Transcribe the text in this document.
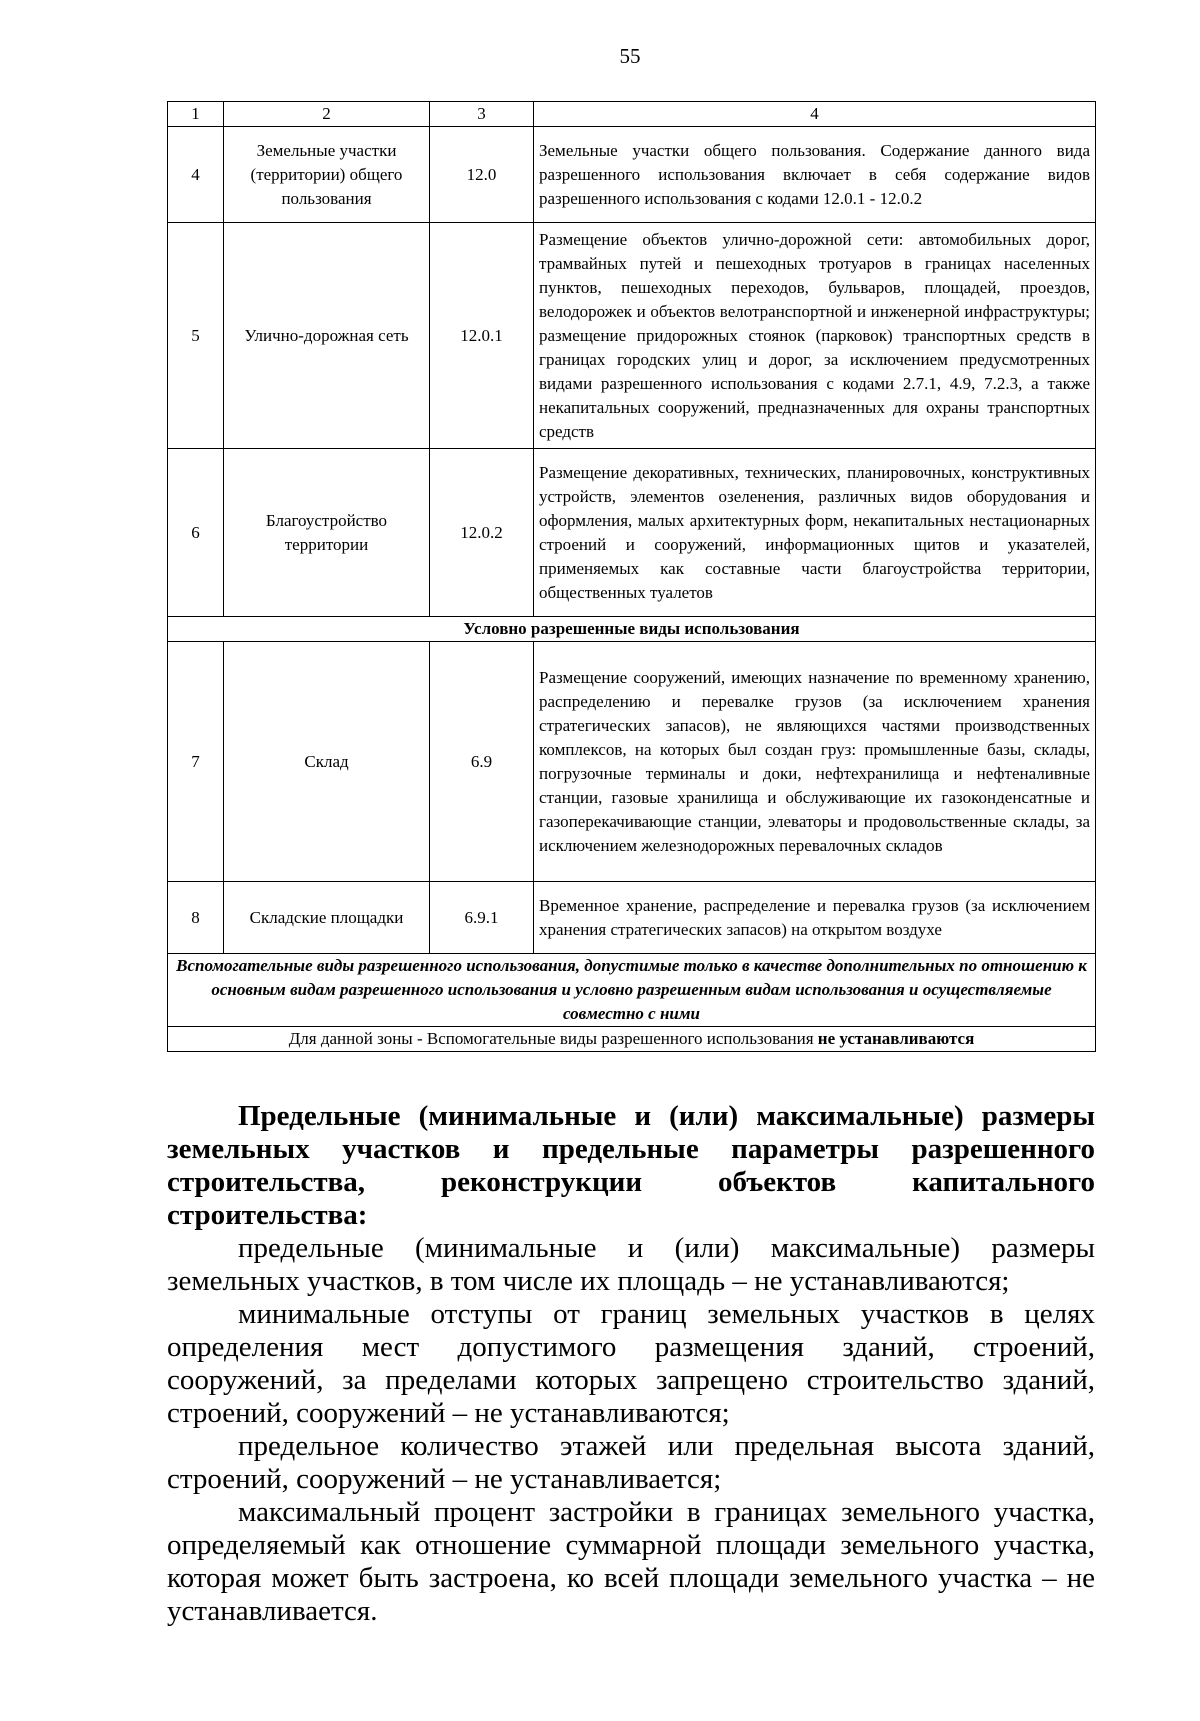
55
1	2	3	4
4	Земельные участки (территории) общего пользования	12.0	Земельные участки общего пользования. Содержание данного вида разрешенного использования включает в себя содержание видов разрешенного использования с кодами 12.0.1 - 12.0.2
5	Улично-дорожная сеть	12.0.1	Размещение объектов улично-дорожной сети: автомобильных дорог, трамвайных путей и пешеходных тротуаров в границах населенных пунктов, пешеходных переходов, бульваров, площадей, проездов, велодорожек и объектов велотранспортной и инженерной инфраструктуры; размещение придорожных стоянок (парковок) транспортных средств в границах городских улиц и дорог, за исключением предусмотренных видами разрешенного использования с кодами 2.7.1, 4.9, 7.2.3, а также некапитальных сооружений, предназначенных для охраны транспортных средств
6	Благоустройство территории	12.0.2	Размещение декоративных, технических, планировочных, конструктивных устройств, элементов озеленения, различных видов оборудования и оформления, малых архитектурных форм, некапитальных нестационарных строений и сооружений, информационных щитов и указателей, применяемых как составные части благоустройства территории, общественных туалетов
Условно разрешенные виды использования			
7	Склад	6.9	Размещение сооружений, имеющих назначение по временному хранению, распределению и перевалке грузов (за исключением хранения стратегических запасов), не являющихся частями производственных комплексов, на которых был создан груз: промышленные базы, склады, погрузочные терминалы и доки, нефтехранилища и нефтеналивные станции, газовые хранилища и обслуживающие их газоконденсатные и газоперекачивающие станции, элеваторы и продовольственные склады, за исключением железнодорожных перевалочных складов
8	Складские площадки	6.9.1	Временное хранение, распределение и перевалка грузов (за исключением хранения стратегических запасов) на открытом воздухе
Вспомогательные виды разрешенного использования, допустимые только в качестве дополнительных по отношению к основным видам разрешенного использования и условно разрешенным видам использования и осуществляемые совместно с ними			
Для данной зоны - Вспомогательные виды разрешенного использования не устанавливаются			

Предельные (минимальные и (или) максимальные) размеры земельных участков и предельные параметры разрешенного строительства, реконструкции объектов капитального строительства:

предельные (минимальные и (или) максимальные) размеры земельных участков, в том числе их площадь – не устанавливаются;

минимальные отступы от границ земельных участков в целях определения мест допустимого размещения зданий, строений, сооружений, за пределами которых запрещено строительство зданий, строений, сооружений – не устанавливаются;

предельное количество этажей или предельная высота зданий, строений, сооружений – не устанавливается;

максимальный процент застройки в границах земельного участка, определяемый как отношение суммарной площади земельного участка, которая может быть застроена, ко всей площади земельного участка – не устанавливается.
